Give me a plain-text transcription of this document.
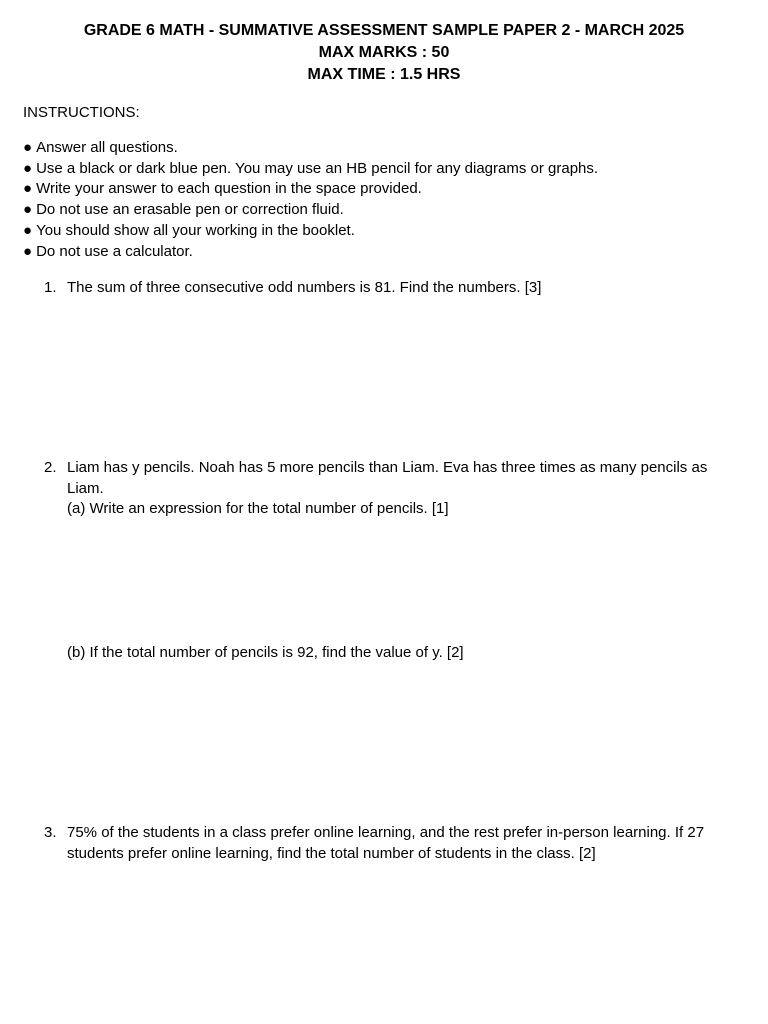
GRADE 6 MATH - SUMMATIVE ASSESSMENT SAMPLE PAPER 2 - MARCH 2025
MAX MARKS : 50
MAX TIME : 1.5 HRS
INSTRUCTIONS:
● Answer all questions.
● Use a black or dark blue pen. You may use an HB pencil for any diagrams or graphs.
● Write your answer to each question in the space provided.
● Do not use an erasable pen or correction fluid.
● You should show all your working in the booklet.
● Do not use a calculator.
1. The sum of three consecutive odd numbers is 81. Find the numbers. [3]

2. Liam has y pencils. Noah has 5 more pencils than Liam. Eva has three times as many pencils as Liam.

(a) Write an expression for the total number of pencils. [1]

(b) If the total number of pencils is 92, find the value of y. [2]

3. 75% of the students in a class prefer online learning, and the rest prefer in-person learning. If 27 students prefer online learning, find the total number of students in the class. [2]
